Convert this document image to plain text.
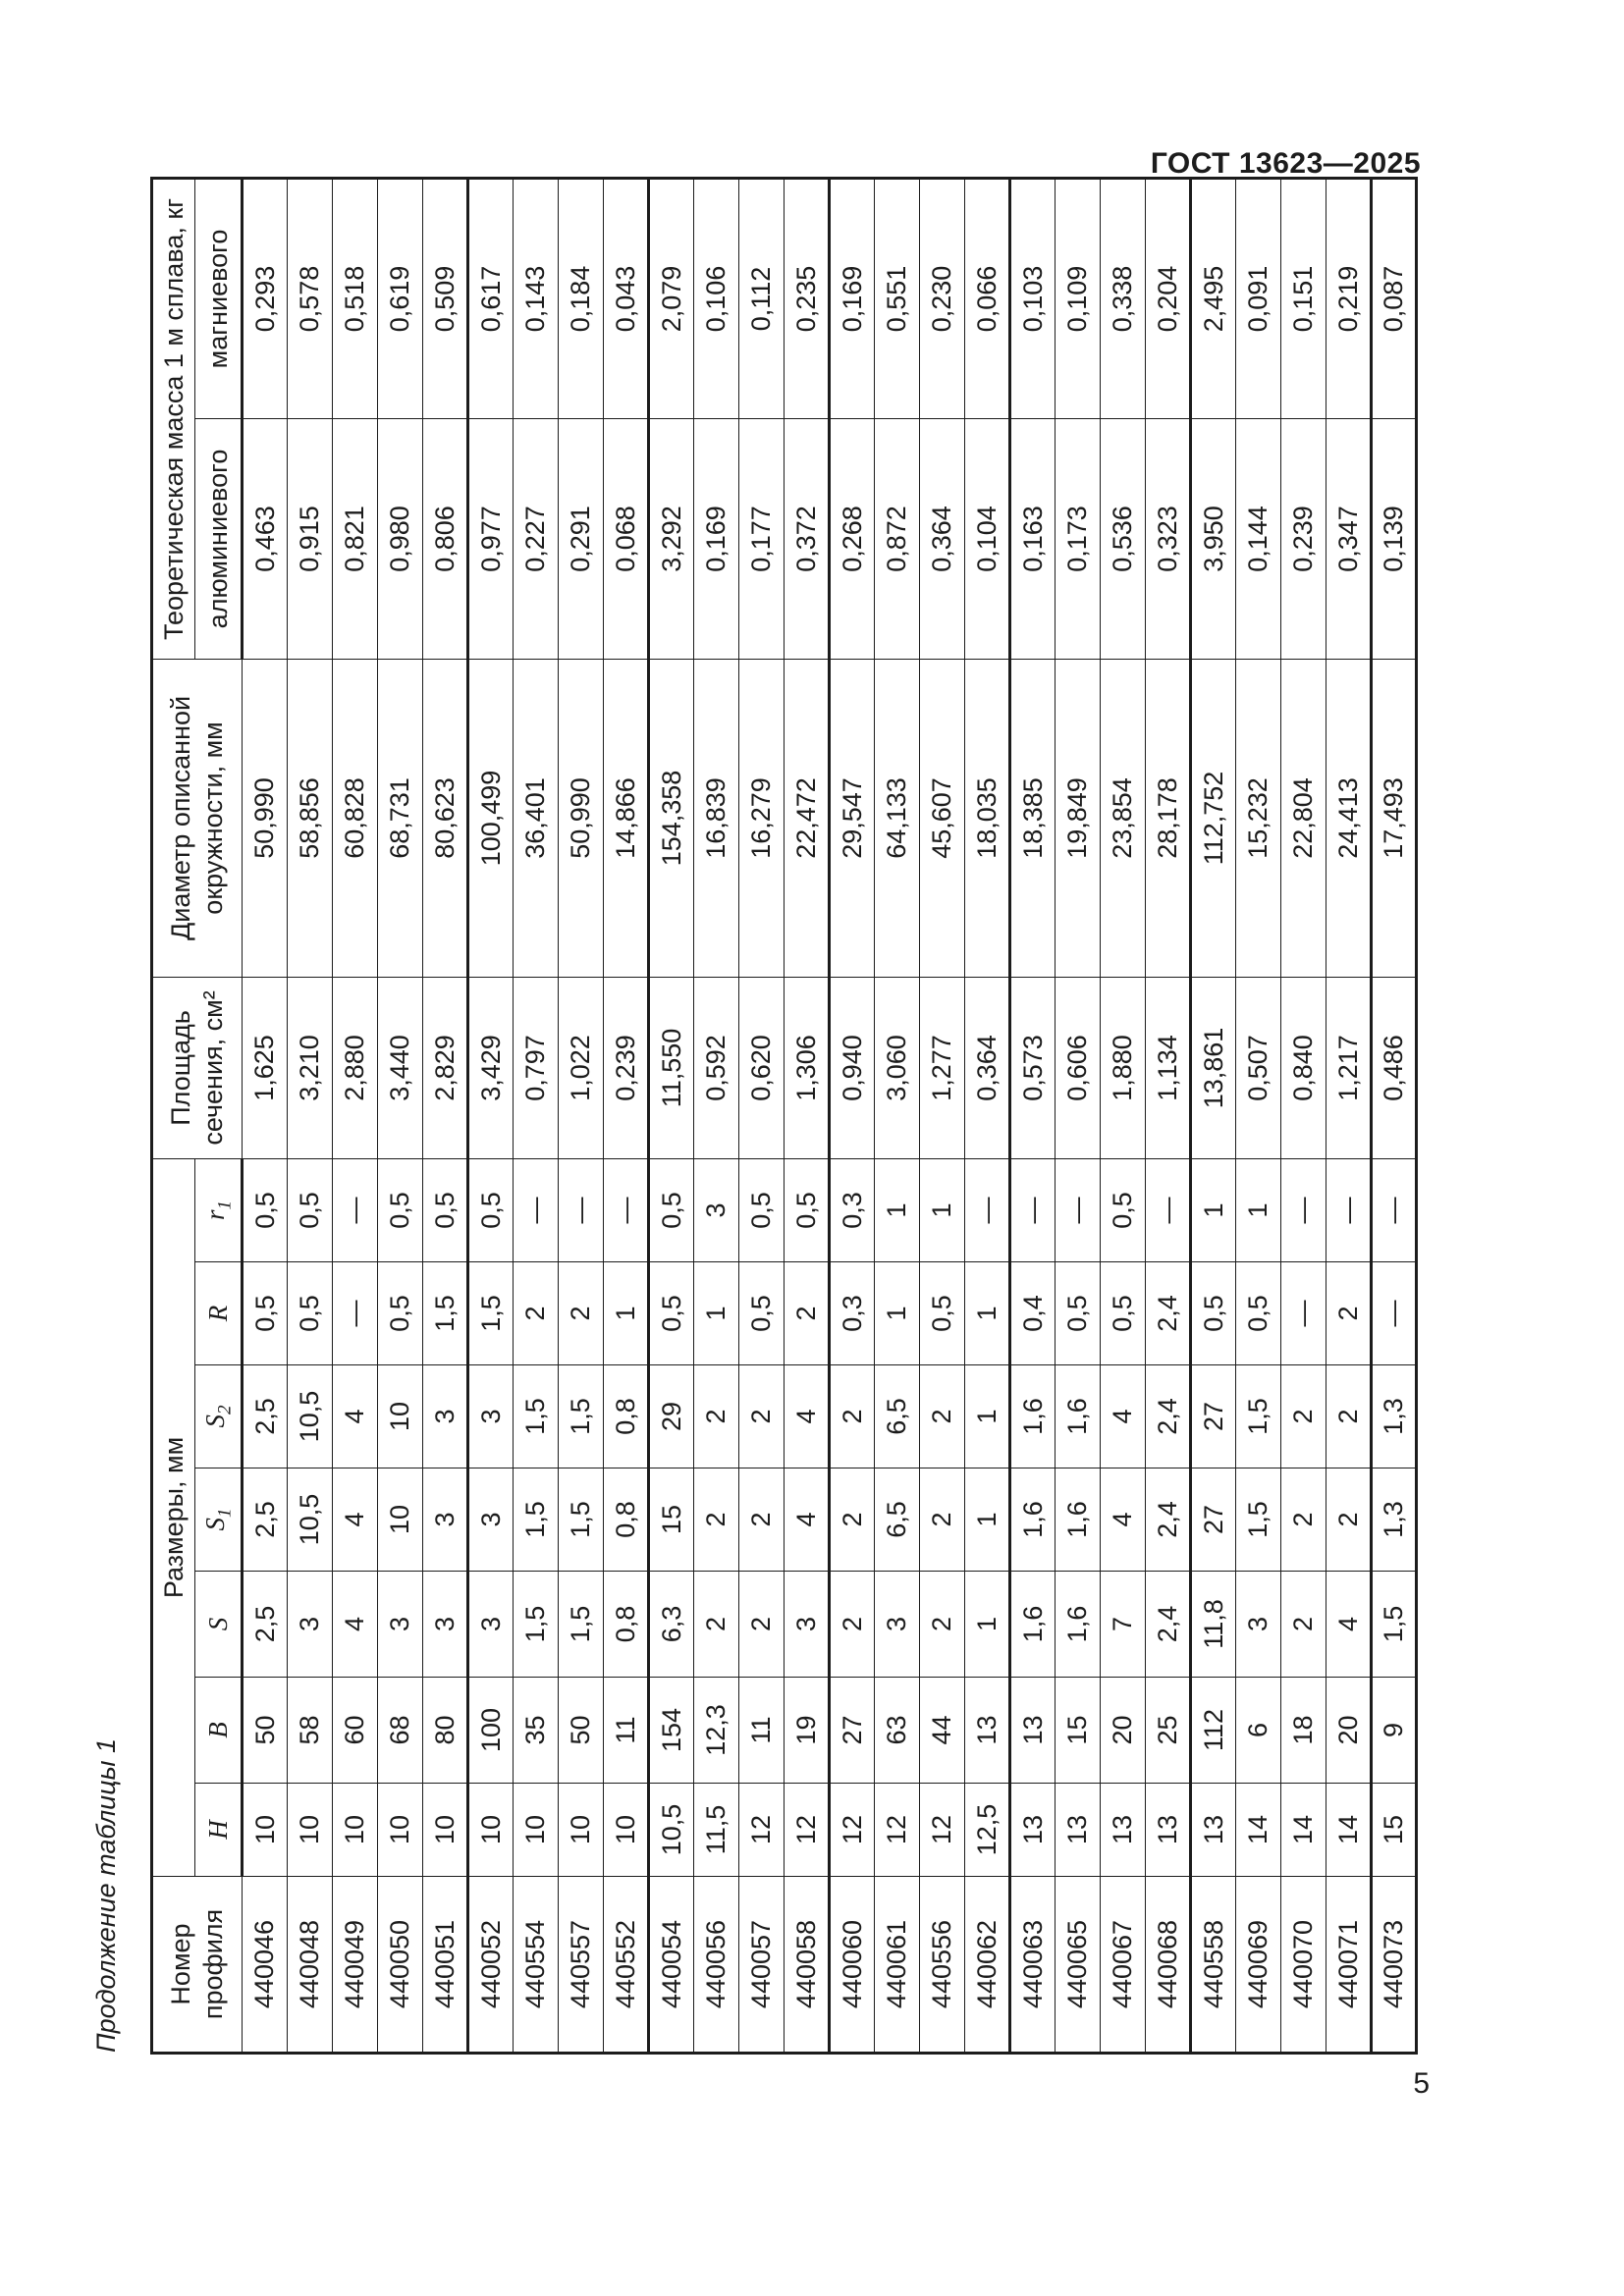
ГОСТ 13623—2025
Продолжение таблицы 1 Номер профиля	Размеры, мм							Площадь сечения, см²	Диаметр описанной окружности, мм	Теоретическая масса 1 м сплава, кг	
	H	B	S	$S_1$	$S_2$	R	$r_1$			алюминиевого	магниевого
440046	10	50	2,5	2,5	2,5	0,5	0,5	1,625	50,990	0,463	0,293
440048	10	58	3	10,5	10,5	0,5	0,5	3,210	58,856	0,915	0,578
440049	10	60	4	4	4	—	—	2,880	60,828	0,821	0,518
440050	10	68	3	10	10	0,5	0,5	3,440	68,731	0,980	0,619
440051	10	80	3	3	3	1,5	0,5	2,829	80,623	0,806	0,509
440052	10	100	3	3	3	1,5	0,5	3,429	100,499	0,977	0,617
440554	10	35	1,5	1,5	1,5	2	—	0,797	36,401	0,227	0,143
440557	10	50	1,5	1,5	1,5	2	—	1,022	50,990	0,291	0,184
440552	10	11	0,8	0,8	0,8	1	—	0,239	14,866	0,068	0,043
440054	10,5	154	6,3	15	29	0,5	0,5	11,550	154,358	3,292	2,079
440056	11,5	12,3	2	2	2	1	3	0,592	16,839	0,169	0,106
440057	12	11	2	2	2	0,5	0,5	0,620	16,279	0,177	0,112
440058	12	19	3	4	4	2	0,5	1,306	22,472	0,372	0,235
440060	12	27	2	2	2	0,3	0,3	0,940	29,547	0,268	0,169
440061	12	63	3	6,5	6,5	1	1	3,060	64,133	0,872	0,551
440556	12	44	2	2	2	0,5	1	1,277	45,607	0,364	0,230
440062	12,5	13	1	1	1	1	—	0,364	18,035	0,104	0,066
440063	13	13	1,6	1,6	1,6	0,4	—	0,573	18,385	0,163	0,103
440065	13	15	1,6	1,6	1,6	0,5	—	0,606	19,849	0,173	0,109
440067	13	20	7	4	4	0,5	0,5	1,880	23,854	0,536	0,338
440068	13	25	2,4	2,4	2,4	2,4	—	1,134	28,178	0,323	0,204
440558	13	112	11,8	27	27	0,5	1	13,861	112,752	3,950	2,495
440069	14	6	3	1,5	1,5	0,5	1	0,507	15,232	0,144	0,091
440070	14	18	2	2	2	—	—	0,840	22,804	0,239	0,151
440071	14	20	4	2	2	2	—	1,217	24,413	0,347	0,219
440073	15	9	1,5	1,3	1,3	—	—	0,486	17,493	0,139	0,087
5
